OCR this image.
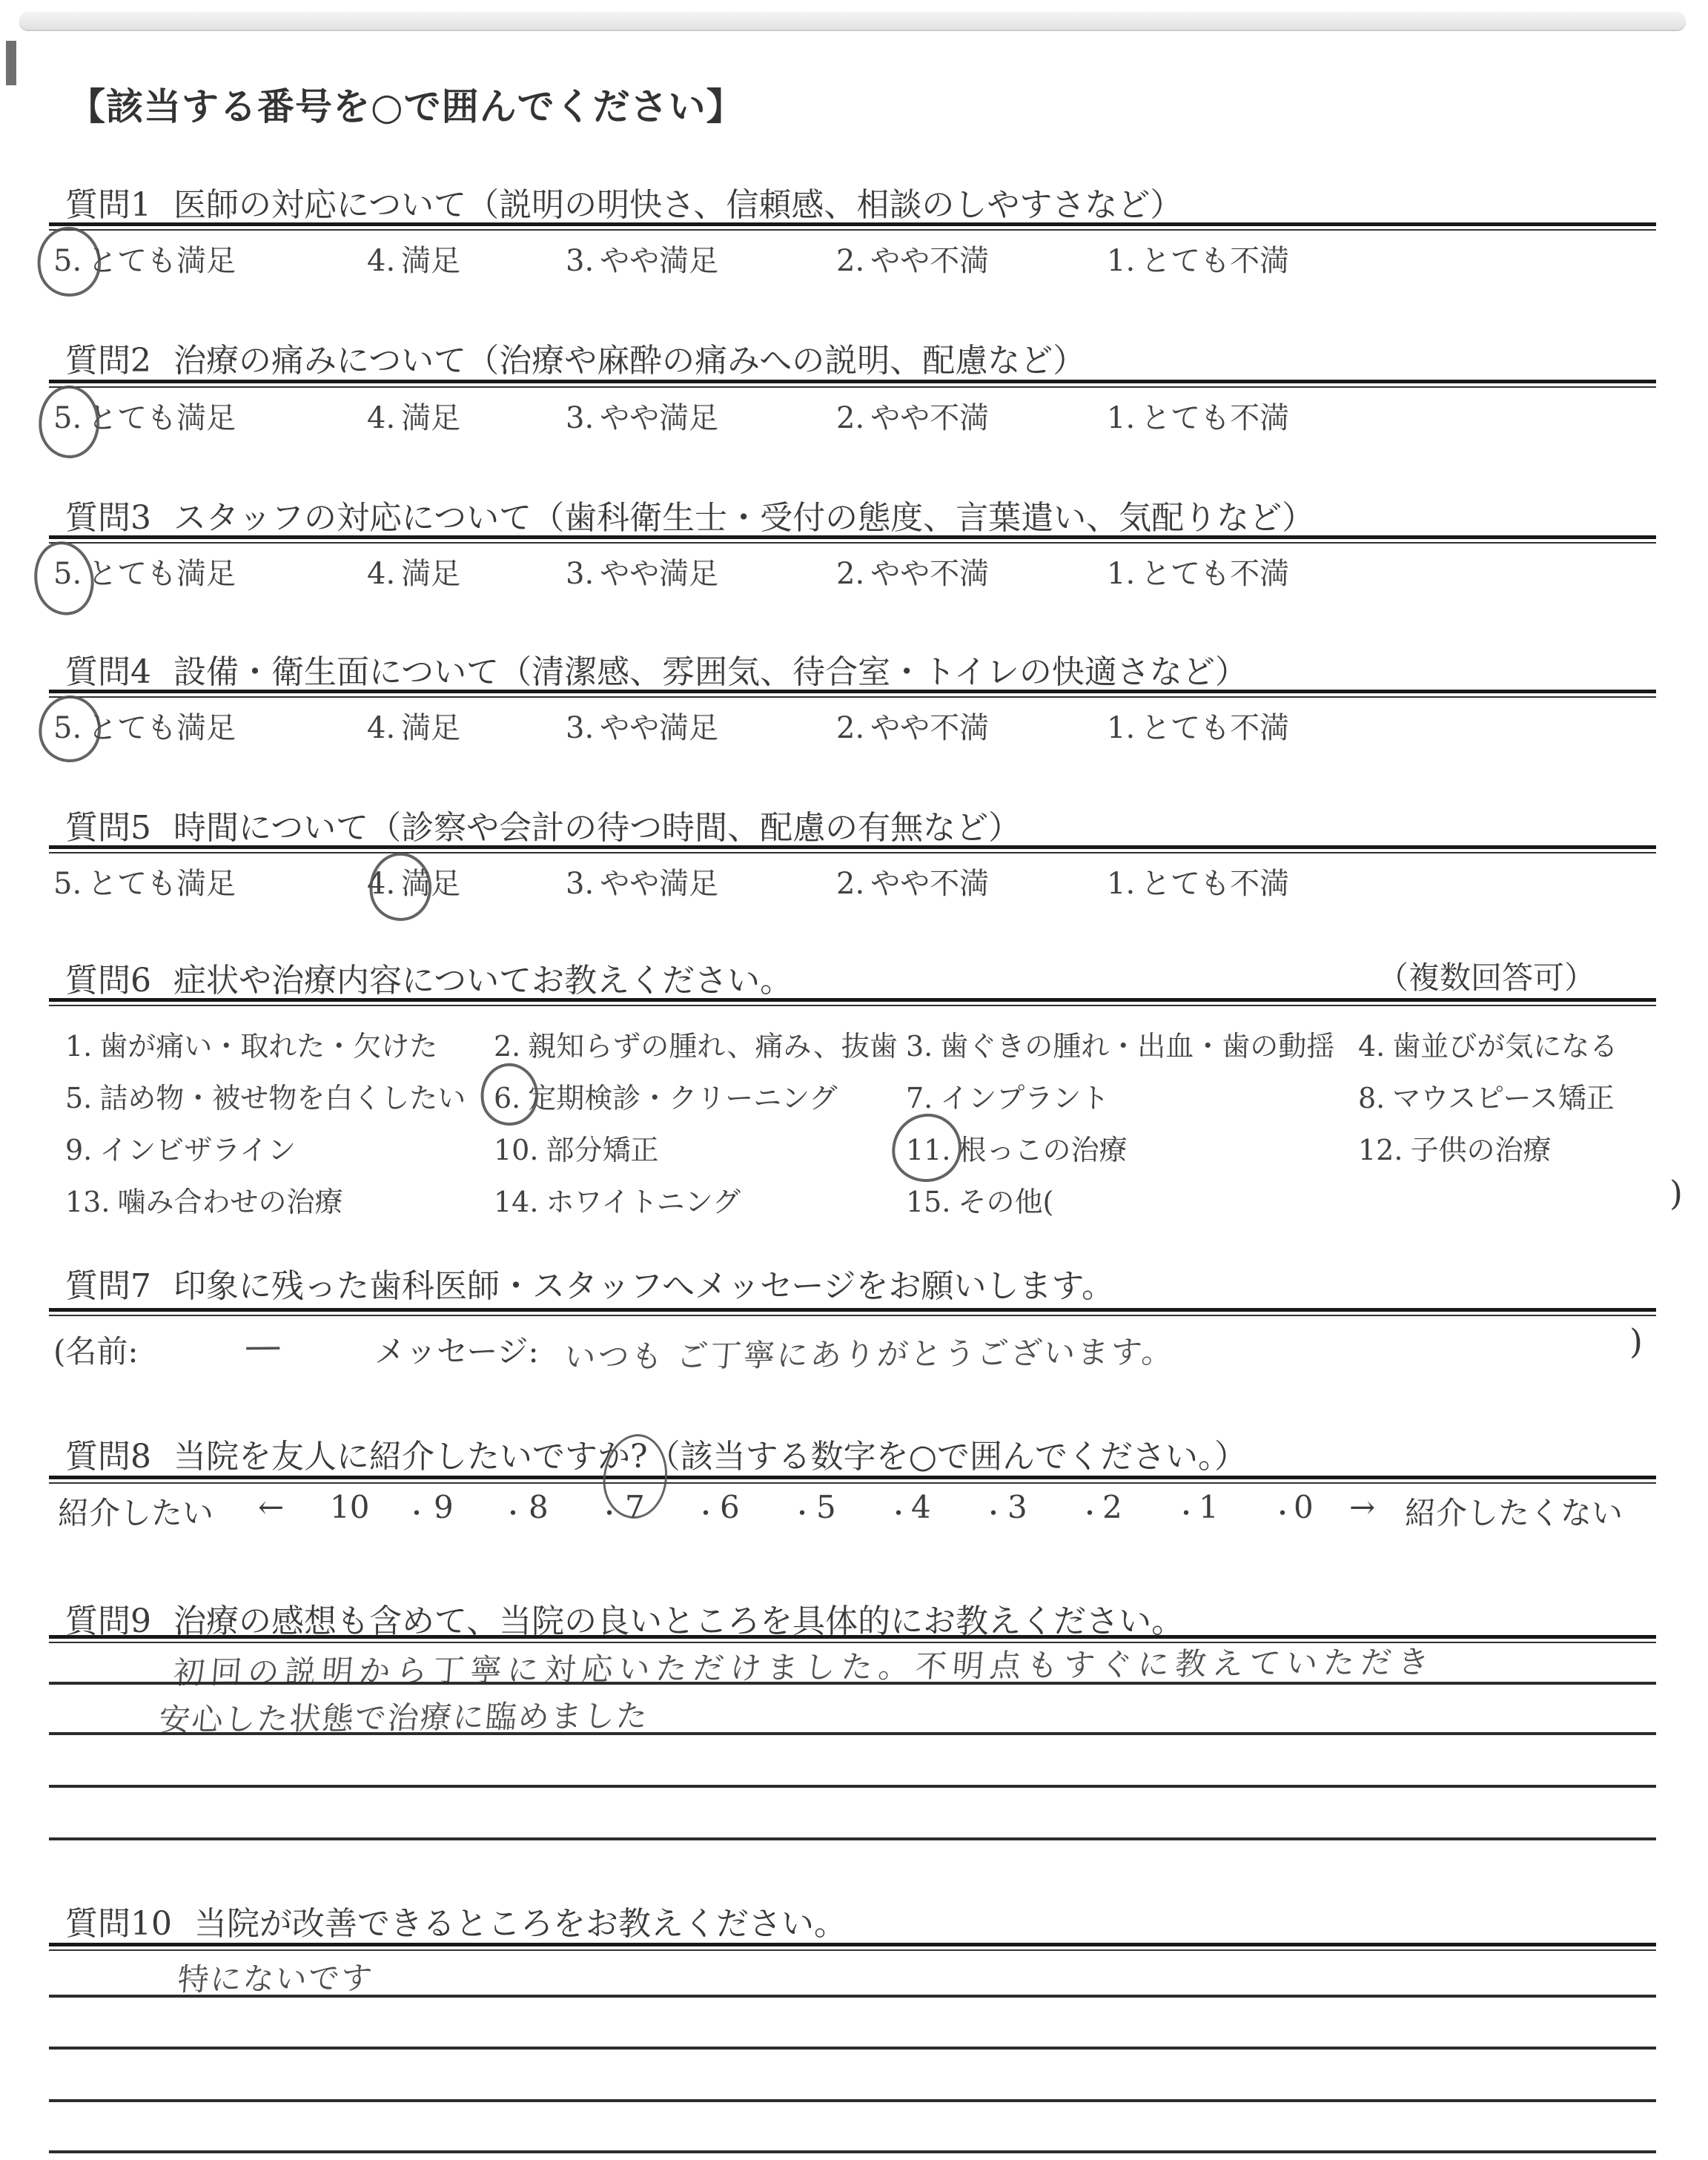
【該当する番号を○で囲んでください】
質問1 医師の対応について（説明の明快さ、信頼感、相談のしやすさなど）
5. とても満足	4. 満足	3. やや満足	2. やや不満	1. とても不満
質問2 治療の痛みについて（治療や麻酔の痛みへの説明、配慮など）
5. とても満足	4. 満足	3. やや満足	2. やや不満	1. とても不満
質問3 スタッフの対応について（歯科衛生士・受付の態度、言葉遣い、気配りなど）
5. とても満足	4. 満足	3. やや満足	2. やや不満	1. とても不満
質問4 設備・衛生面について（清潔感、雰囲気、待合室・トイレの快適さなど）
5. とても満足	4. 満足	3. やや満足	2. やや不満	1. とても不満
質問5 時間について（診察や会計の待つ時間、配慮の有無など）
5. とても満足	4. 満足	3. やや満足	2. やや不満	1. とても不満
質問6 症状や治療内容についてお教えください。	（複数回答可）
1. 歯が痛い・取れた・欠けた 2. 親知らずの腫れ、痛み、抜歯 3. 歯ぐきの腫れ・出血・歯の動揺 4. 歯並びが気になる
5. 詰め物・被せ物を白くしたい 6. 定期検診・クリーニング 7. インプラント	8. マウスピース矯正
9. インビザライン	10. 部分矯正	11. 根っこの治療	12. 子供の治療
13. 噛み合わせの治療	14. ホワイトニング	15. その他(	)
質問7 印象に残った歯科医師・スタッフへメッセージをお願いします。
(名前:	—	メッセージ: いつも ご丁寧にありがとうございます。	)
質問8 当院を友人に紹介したいですか?（該当する数字を○で囲んでください。）
紹介したい ← 10 ・ 9 ・ 8 ・ 7 ・ 6 ・ 5 ・ 4 ・ 3 ・ 2 ・ 1 ・
0 → 紹介したくない
質問9 治療の感想も含めて、当院の良いところを具体的にお教えください。
初回の説明から丁寧に対応いただけました。不明点もすぐに教えていただき
安心した状態で治療に臨めました
質問10 当院が改善できるところをお教えください。
特にないです
